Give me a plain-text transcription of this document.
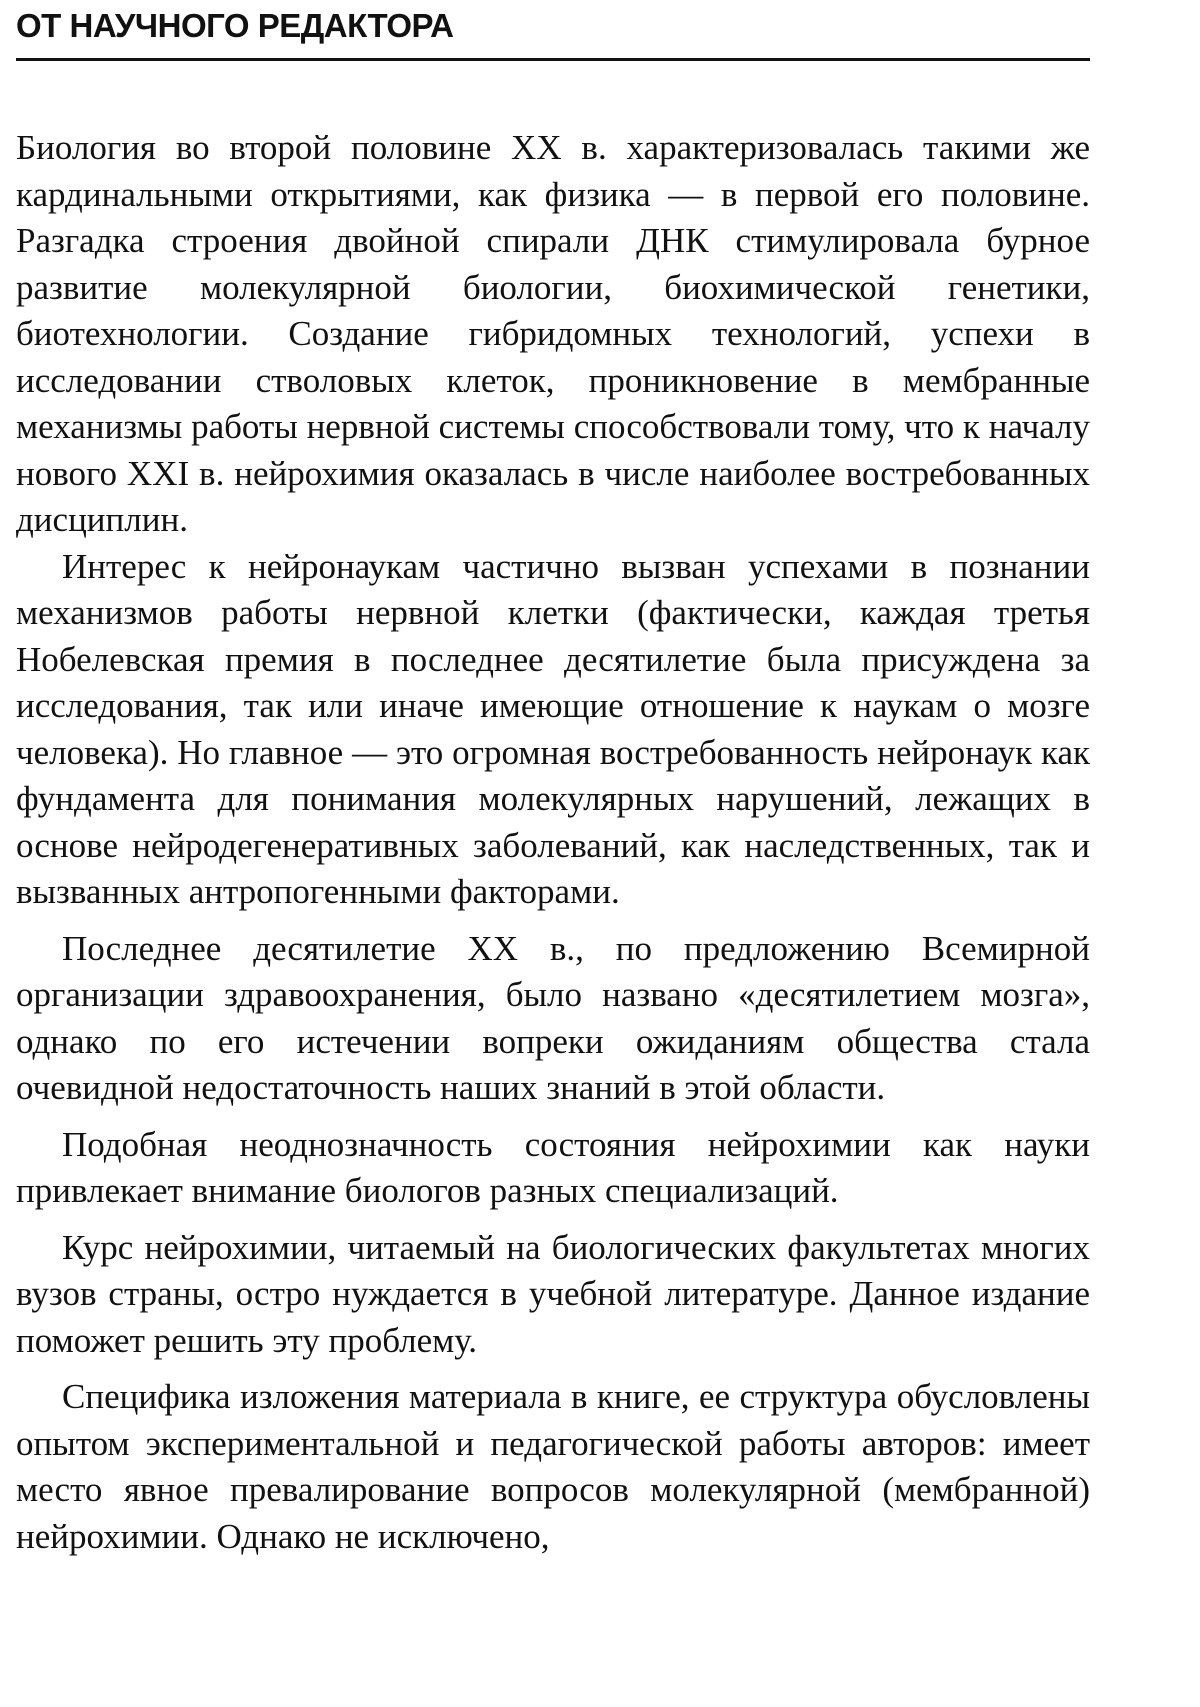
ОТ НАУЧНОГО РЕДАКТОРА

Биология во второй половине XX в. характеризовалась такими же кардинальными открытиями, как физика — в первой его половине. Разгадка строения двойной спирали ДНК стимулировала бурное развитие молекулярной биологии, биохимической генетики, биотехнологии. Создание гибридомных технологий, успехи в исследовании стволовых клеток, проникновение в мембранные механизмы работы нервной системы способствовали тому, что к началу нового XXI в. нейрохимия оказалась в числе наиболее востребованных дисциплин.

Интерес к нейронаукам частично вызван успехами в познании механизмов работы нервной клетки (фактически, каждая третья Нобелевская премия в последнее десятилетие была присуждена за исследования, так или иначе имеющие отношение к наукам о мозге человека). Но главное — это огромная востребованность нейронаук как фундамента для понимания молекулярных нарушений, лежащих в основе нейродегенеративных заболеваний, как наследственных, так и вызванных антропогенными факторами.

Последнее десятилетие XX в., по предложению Всемирной организации здравоохранения, было названо «десятилетием мозга», однако по его истечении вопреки ожиданиям общества стала очевидной недостаточность наших знаний в этой области.

Подобная неоднозначность состояния нейрохимии как науки привлекает внимание биологов разных специализаций.

Курс нейрохимии, читаемый на биологических факультетах многих вузов страны, остро нуждается в учебной литературе. Данное издание поможет решить эту проблему.

Специфика изложения материала в книге, ее структура обусловлены опытом экспериментальной и педагогической работы авторов: имеет место явное превалирование вопросов молекулярной (мембранной) нейрохимии. Однако не исключено,
